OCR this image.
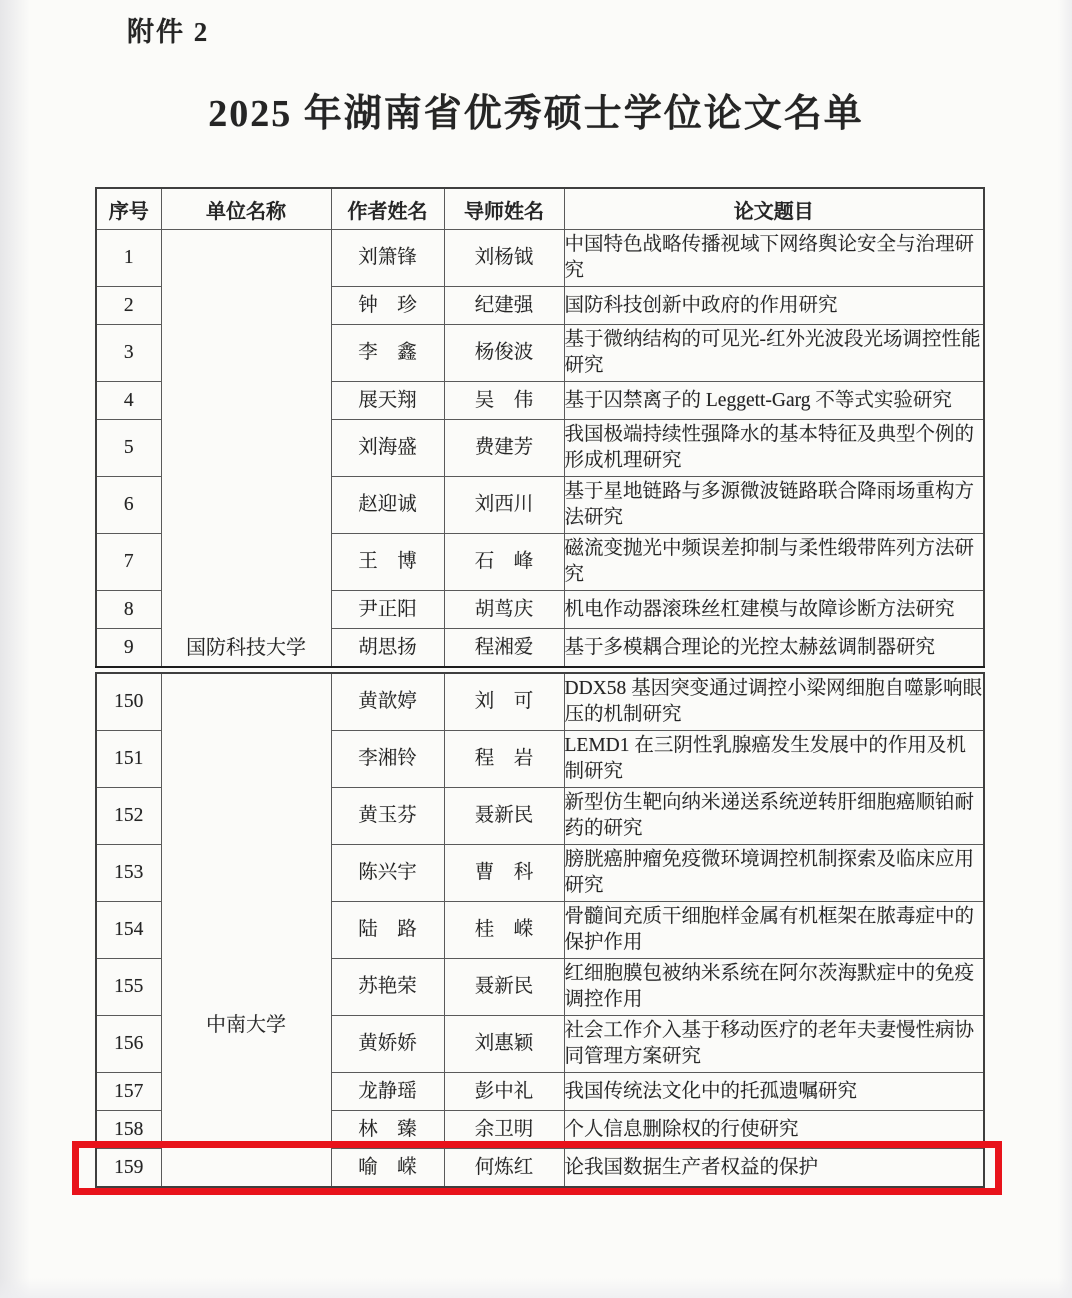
附件 2
2025 年湖南省优秀硕士学位论文名单
序号	单位名称	作者姓名	导师姓名	论文题目
1	国防科技大学	刘箫锋	刘杨钺	中国特色战略传播视域下网络舆论安全与治理研究
2		钟　珍	纪建强	国防科技创新中政府的作用研究
3		李　鑫	杨俊波	基于微纳结构的可见光-红外光波段光场调控性能研究
4		展天翔	吴　伟	基于囚禁离子的 Leggett-Garg 不等式实验研究
5		刘海盛	费建芳	我国极端持续性强降水的基本特征及典型个例的形成机理研究
6		赵迎诚	刘西川	基于星地链路与多源微波链路联合降雨场重构方法研究
7		王　博	石　峰	磁流变抛光中频误差抑制与柔性缎带阵列方法研究
8		尹正阳	胡茑庆	机电作动器滚珠丝杠建模与故障诊断方法研究
9		胡思扬	程湘爱	基于多模耦合理论的光控太赫兹调制器研究
150	中南大学	黄歆婷	刘　可	DDX58 基因突变通过调控小梁网细胞自噬影响眼压的机制研究
151		李湘铃	程　岩	LEMD1 在三阴性乳腺癌发生发展中的作用及机制研究
152		黄玉芬	聂新民	新型仿生靶向纳米递送系统逆转肝细胞癌顺铂耐药的研究
153		陈兴宇	曹　科	膀胱癌肿瘤免疫微环境调控机制探索及临床应用研究
154		陆　路	桂　嵘	骨髓间充质干细胞样金属有机框架在脓毒症中的保护作用
155		苏艳荣	聂新民	红细胞膜包被纳米系统在阿尔茨海默症中的免疫调控作用
156		黄娇娇	刘惠颖	社会工作介入基于移动医疗的老年夫妻慢性病协同管理方案研究
157		龙静瑶	彭中礼	我国传统法文化中的托孤遗嘱研究
158		林　臻	余卫明	个人信息删除权的行使研究
159		喻　嵘	何炼红	论我国数据生产者权益的保护
